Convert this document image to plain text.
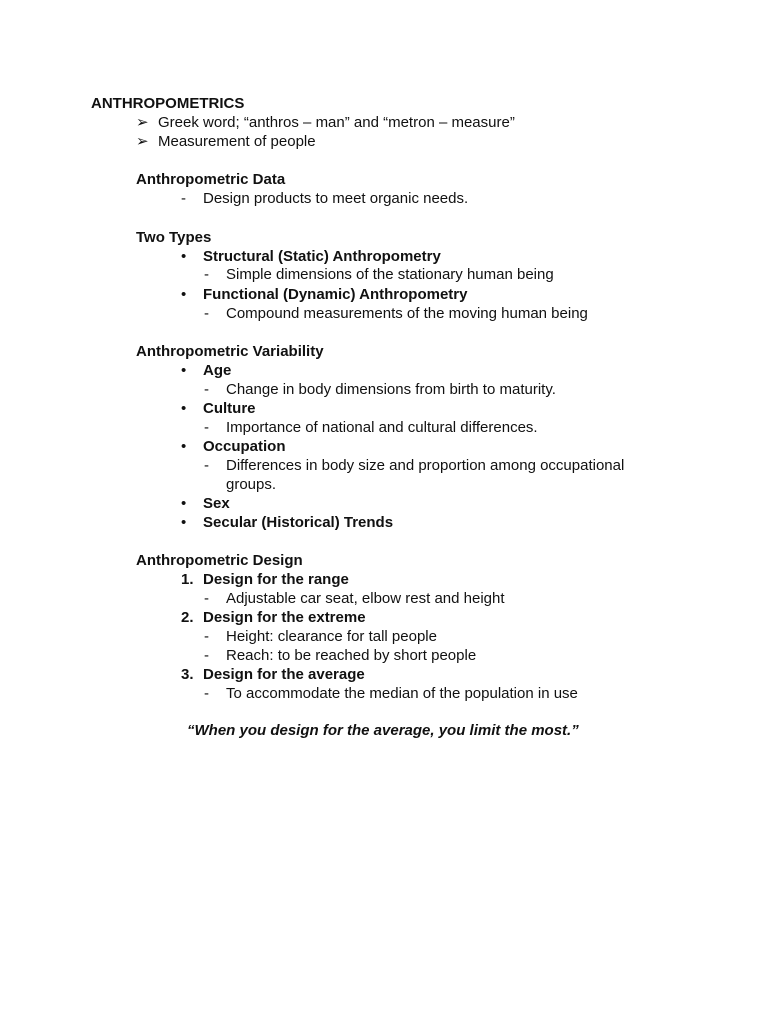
ANTHROPOMETRICS
➢ Greek word; “anthros – man” and “metron – measure”
➢ Measurement of people
Anthropometric Data
- Design products to meet organic needs.
Two Types
• Structural (Static) Anthropometry
- Simple dimensions of the stationary human being
• Functional (Dynamic) Anthropometry
- Compound measurements of the moving human being
Anthropometric Variability
• Age
- Change in body dimensions from birth to maturity.
• Culture
- Importance of national and cultural differences.
• Occupation
- Differences in body size and proportion among occupational
groups.
• Sex
• Secular (Historical) Trends
Anthropometric Design
1. Design for the range
- Adjustable car seat, elbow rest and height
2. Design for the extreme
- Height: clearance for tall people
- Reach: to be reached by short people
3. Design for the average
- To accommodate the median of the population in use
“When you design for the average, you limit the most.”
